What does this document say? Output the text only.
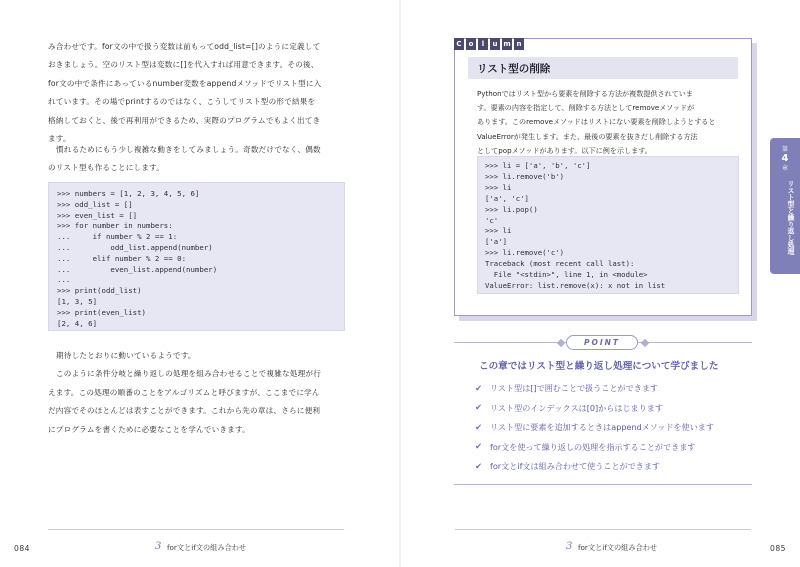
み合わせです。for文の中で扱う変数は前もってodd_list=[]のように定義して
おきましょう。空のリスト型は変数に[]を代入すれば用意できます。その後、
for文の中で条件にあっているnumber変数をappendメソッドでリスト型に入
れています。その場でprintするのではなく、こうしてリスト型の形で結果を
格納しておくと、後で再利用ができるため、実際のプログラムでもよく出てき
ます。
慣れるためにもう少し複雑な動きをしてみましょう。奇数だけでなく、偶数
のリスト型も作ることにします。
>>> numbers = [1, 2, 3, 4, 5, 6]
>>> odd_list = []
>>> even_list = []
>>> for number in numbers:
...     if number % 2 == 1:
...         odd_list.append(number)
...     elif number % 2 == 0:
...         even_list.append(number)
...
>>> print(odd_list)
[1, 3, 5]
>>> print(even_list)
[2, 4, 6]
期待したとおりに動いているようです。
このように条件分岐と繰り返しの処理を組み合わせることで複雑な処理が行
えます。この処理の順番のことをアルゴリズムと呼びますが、ここまでに学ん
だ内容でそのほとんどは表すことができます。これから先の章は、さらに便利
にプログラムを書くために必要なことを学んでいきます。
084	3 for文とif文の組み合わせ
C	o	l	u m n
リスト型の削除
Pythonではリスト型から要素を削除する方法が複数提供されていま
す。要素の内容を指定して、削除する方法としてremoveメソッドが
あります。このremoveメソッドはリストにない要素を削除しようとすると
ValueErrorが発生します。また、最後の要素を抜きだし削除する方法
としてpopメソッドがあります。以下に例を示します。
>>> li = ['a', 'b', 'c']
>>> li.remove('b')
>>> li
['a', 'c']
>>> li.pop()
'c'
>>> li
['a']
>>> li.remove('c')
Traceback (most recent call last):
File "<stdin>", line 1, in <module>
ValueError: list.remove(x): x not in list
POINT
この章ではリスト型と繰り返し処理について学びました
✔ リスト型は[]で囲むことで扱うことができます
✔ リスト型のインデックスは[0]からはじまります
✔ リスト型に要素を追加するときはappendメソッドを使います
✔ for文を使って繰り返しの処理を指示することができます
✔ for文とif文は組み合わせて使うことができます
第
4
章
リスト型と繰り返し処理
3 for文とif文の組み合わせ	085
